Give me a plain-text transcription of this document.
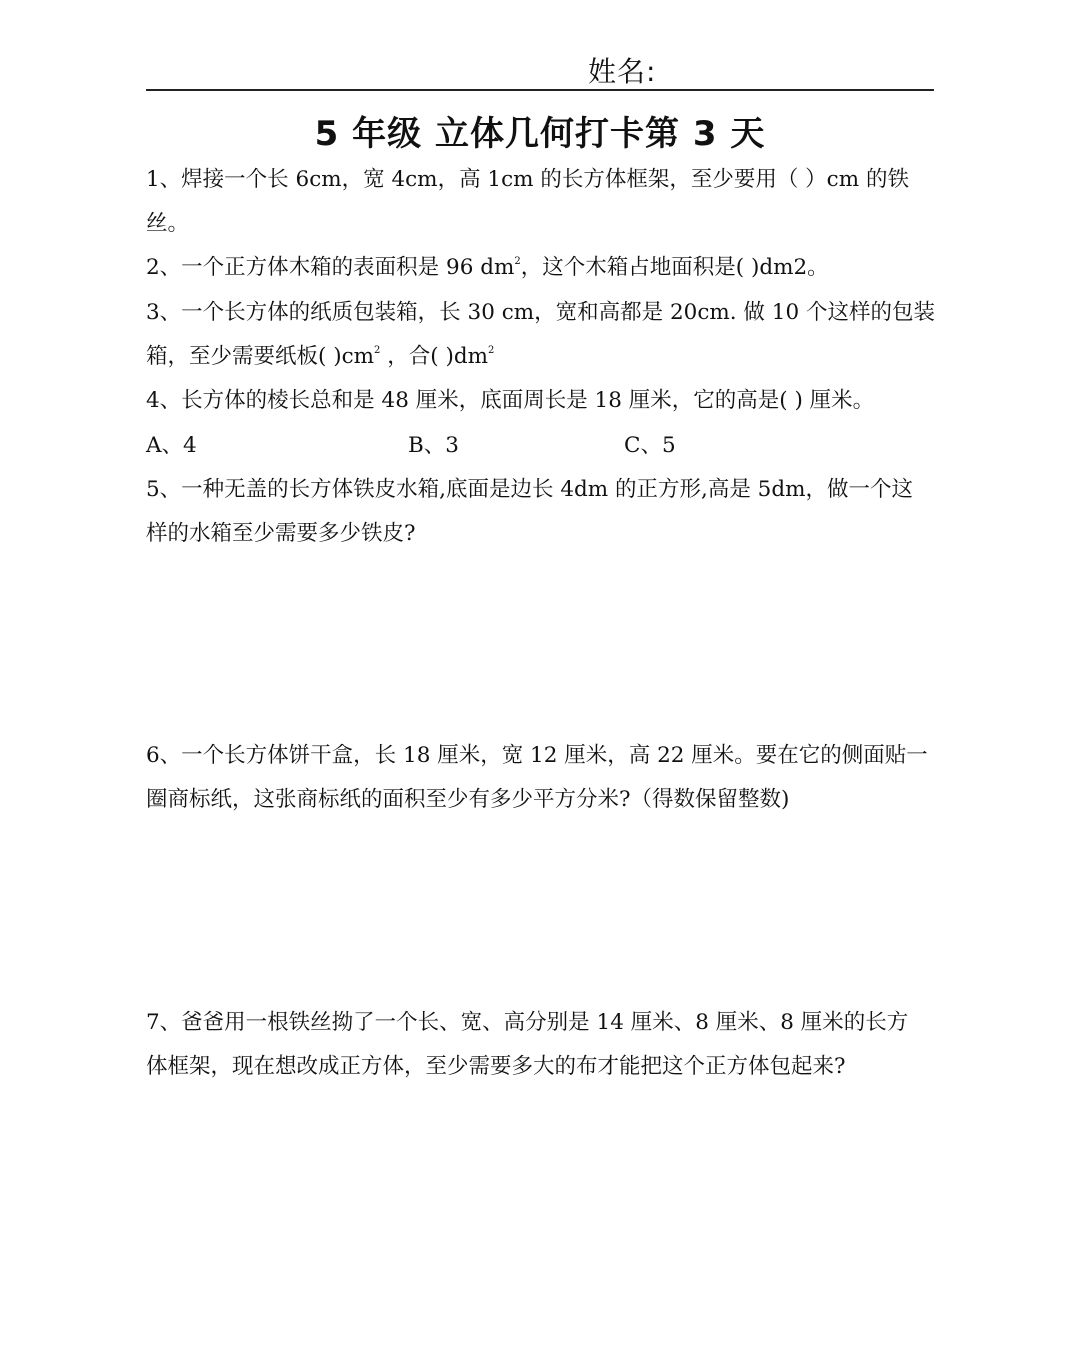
姓名:
5 年级 立体几何打卡第 3 天
1、焊接一个长 6cm，宽 4cm，高 1cm 的长方体框架，至少要用（ ）cm 的铁
丝。
2、一个正方体木箱的表面积是 96 $dm^2$，这个木箱占地面积是( )dm2。
3、一个长方体的纸质包装箱，长 30 cm，宽和高都是 20cm. 做 10 个这样的包装
箱，至少需要纸板( )$cm^2$ ，合( )$dm^2$
4、长方体的棱长总和是 48 厘米，底面周长是 18 厘米，它的高是( ) 厘米。
A、4	B、3	C、5
5、一种无盖的长方体铁皮水箱,底面是边长 4dm 的正方形,高是 5dm，做一个这
样的水箱至少需要多少铁皮?
6、一个长方体饼干盒，长 18 厘米，宽 12 厘米，高 22 厘米。要在它的侧面贴一
圈商标纸，这张商标纸的面积至少有多少平方分米?（得数保留整数)
7、爸爸用一根铁丝拗了一个长、宽、高分别是 14 厘米、8 厘米、8 厘米的长方
体框架，现在想改成正方体，至少需要多大的布才能把这个正方体包起来?
